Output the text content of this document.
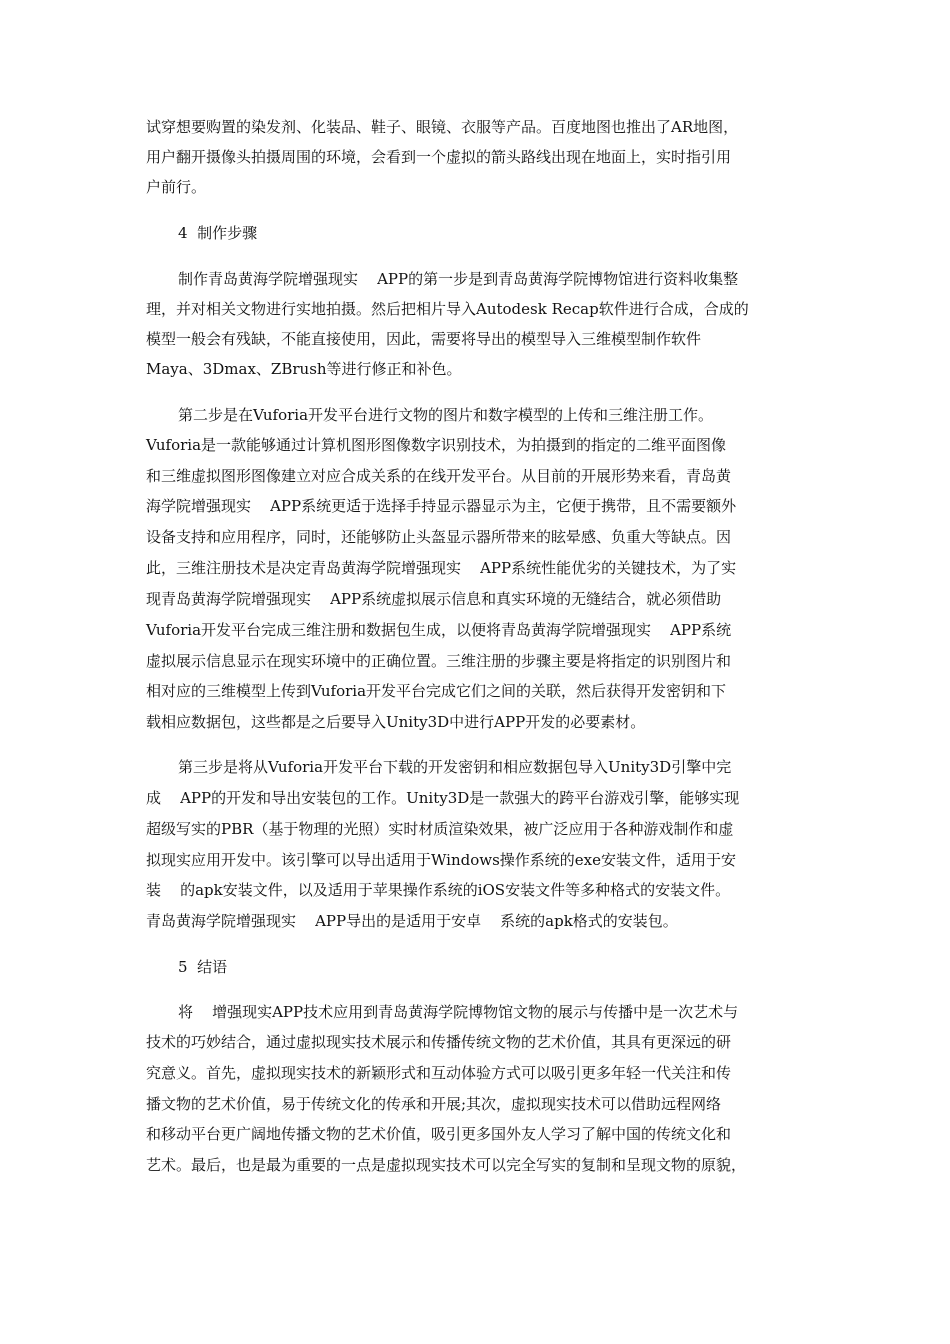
试穿想要购置的染发剂、化装品、鞋子、眼镜、衣服等产品。百度地图也推出了AR地图，

用户翻开摄像头拍摄周围的环境，会看到一个虚拟的箭头路线出现在地面上，实时指引用

户前行。

4  制作步骤

制作青岛黄海学院增强现实    APP的第一步是到青岛黄海学院博物馆进行资料收集整

理，并对相关文物进行实地拍摄。然后把相片导入Autodesk Recap软件进行合成，合成的

模型一般会有残缺，不能直接使用，因此，需要将导出的模型导入三维模型制作软件

Maya、3Dmax、ZBrush等进行修正和补色。

第二步是在Vuforia开发平台进行文物的图片和数字模型的上传和三维注册工作。

Vuforia是一款能够通过计算机图形图像数字识别技术，为拍摄到的指定的二维平面图像

和三维虚拟图形图像建立对应合成关系的在线开发平台。从目前的开展形势来看，青岛黄

海学院增强现实    APP系统更适于选择手持显示器显示为主，它便于携带，且不需要额外

设备支持和应用程序，同时，还能够防止头盔显示器所带来的眩晕感、负重大等缺点。因

此，三维注册技术是决定青岛黄海学院增强现实    APP系统性能优劣的关键技术，为了实

现青岛黄海学院增强现实    APP系统虚拟展示信息和真实环境的无缝结合，就必须借助

Vuforia开发平台完成三维注册和数据包生成，以便将青岛黄海学院增强现实    APP系统

虚拟展示信息显示在现实环境中的正确位置。三维注册的步骤主要是将指定的识别图片和

相对应的三维模型上传到Vuforia开发平台完成它们之间的关联，然后获得开发密钥和下

载相应数据包，这些都是之后要导入Unity3D中进行APP开发的必要素材。

第三步是将从Vuforia开发平台下载的开发密钥和相应数据包导入Unity3D引擎中完

成    APP的开发和导出安装包的工作。Unity3D是一款强大的跨平台游戏引擎，能够实现

超级写实的PBR（基于物理的光照）实时材质渲染效果，被广泛应用于各种游戏制作和虚

拟现实应用开发中。该引擎可以导出适用于Windows操作系统的exe安装文件，适用于安

装    的apk安装文件，以及适用于苹果操作系统的iOS安装文件等多种格式的安装文件。

青岛黄海学院增强现实    APP导出的是适用于安卓    系统的apk格式的安装包。

5  结语

将    增强现实APP技术应用到青岛黄海学院博物馆文物的展示与传播中是一次艺术与

技术的巧妙结合，通过虚拟现实技术展示和传播传统文物的艺术价值，其具有更深远的研

究意义。首先，虚拟现实技术的新颖形式和互动体验方式可以吸引更多年轻一代关注和传

播文物的艺术价值，易于传统文化的传承和开展;其次，虚拟现实技术可以借助远程网络

和移动平台更广阔地传播文物的艺术价值，吸引更多国外友人学习了解中国的传统文化和

艺术。最后，也是最为重要的一点是虚拟现实技术可以完全写实的复制和呈现文物的原貌，
